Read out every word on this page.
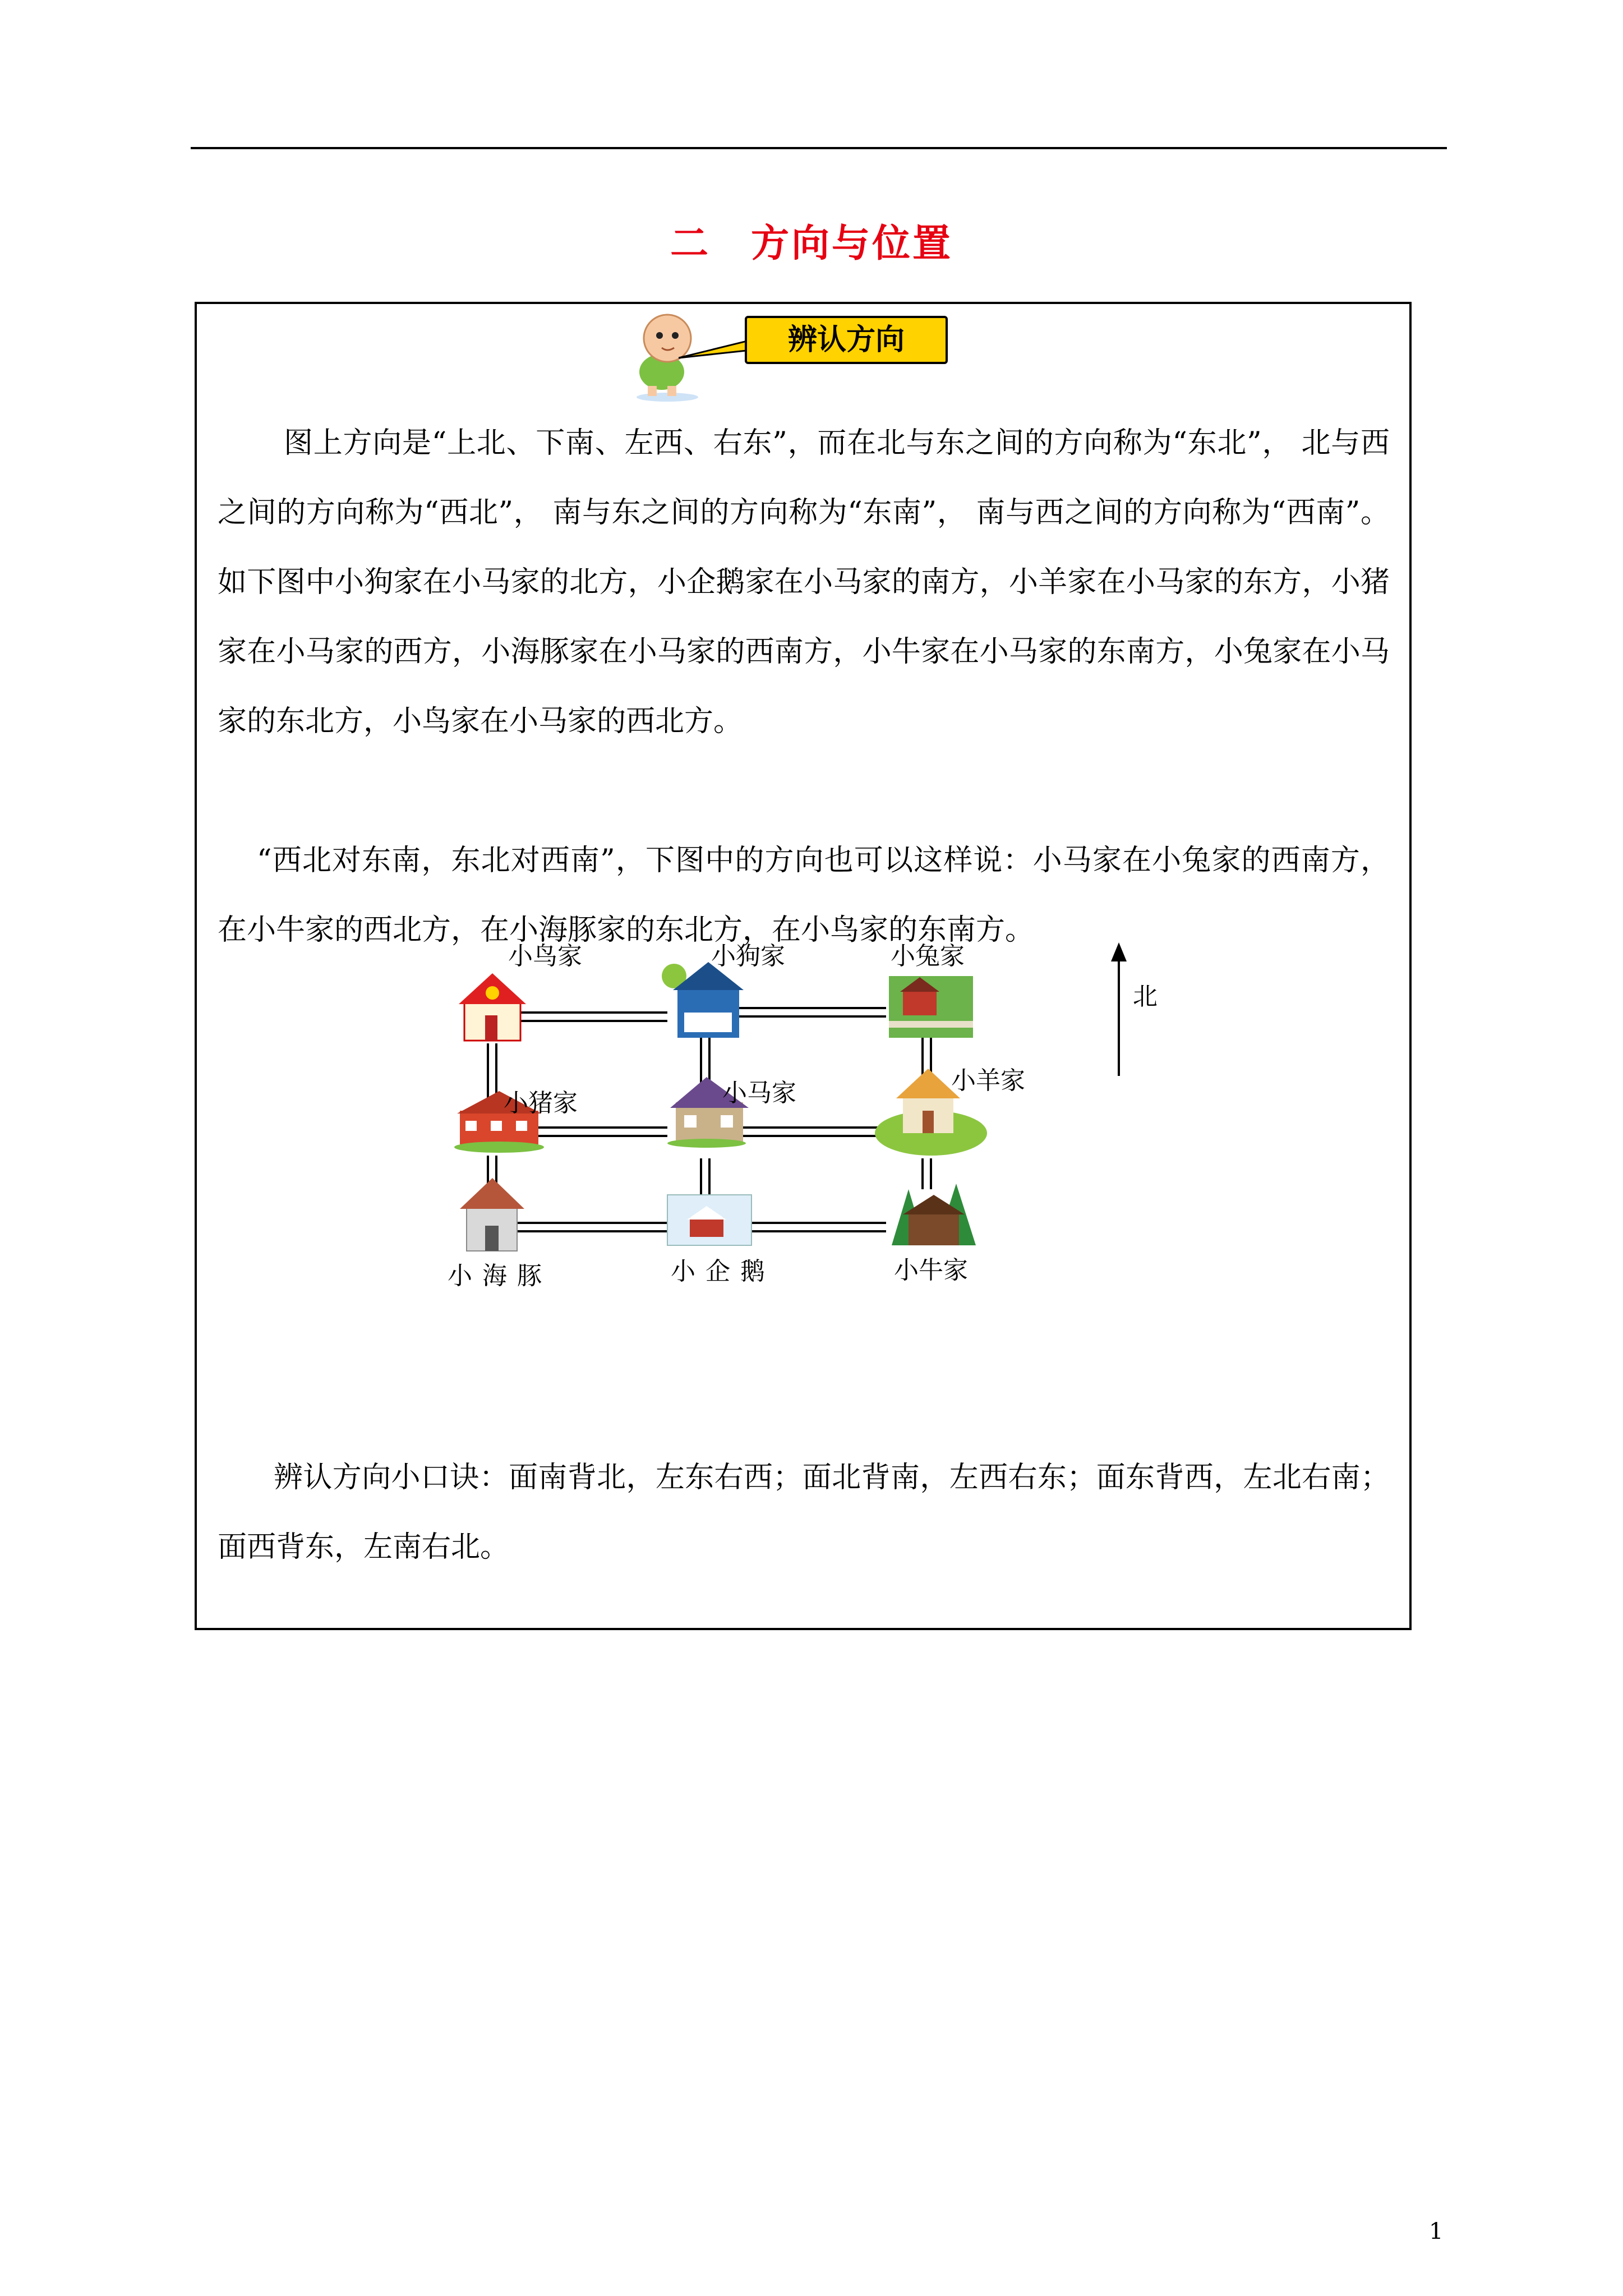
二　方向与位置
辨认方向

图上方向是“上北、下南、左西、右东”，而在北与东之间的方向称为“东北”， 北与西之间的方向称为“西北”， 南与东之间的方向称为“东南”， 南与西之间的方向称为“西南”。如下图中小狗家在小马家的北方，小企鹅家在小马家的南方，小羊家在小马家的东方，小猪家在小马家的西方，小海豚家在小马家的西南方，小牛家在小马家的东南方，小兔家在小马家的东北方，小鸟家在小马家的西北方。

“西北对东南，东北对西南”，下图中的方向也可以这样说：小马家在小兔家的西南方，在小牛家的西北方，在小海豚家的东北方，在小鸟家的东南方。

小鸟家	小狗家	小兔家
小猪家	小马家	小羊家
小海豚	小企鹅	小牛家
北

辨认方向小口诀：面南背北，左东右西；面北背南，左西右东；面东背西，左北右南；面西背东，左南右北。

1
